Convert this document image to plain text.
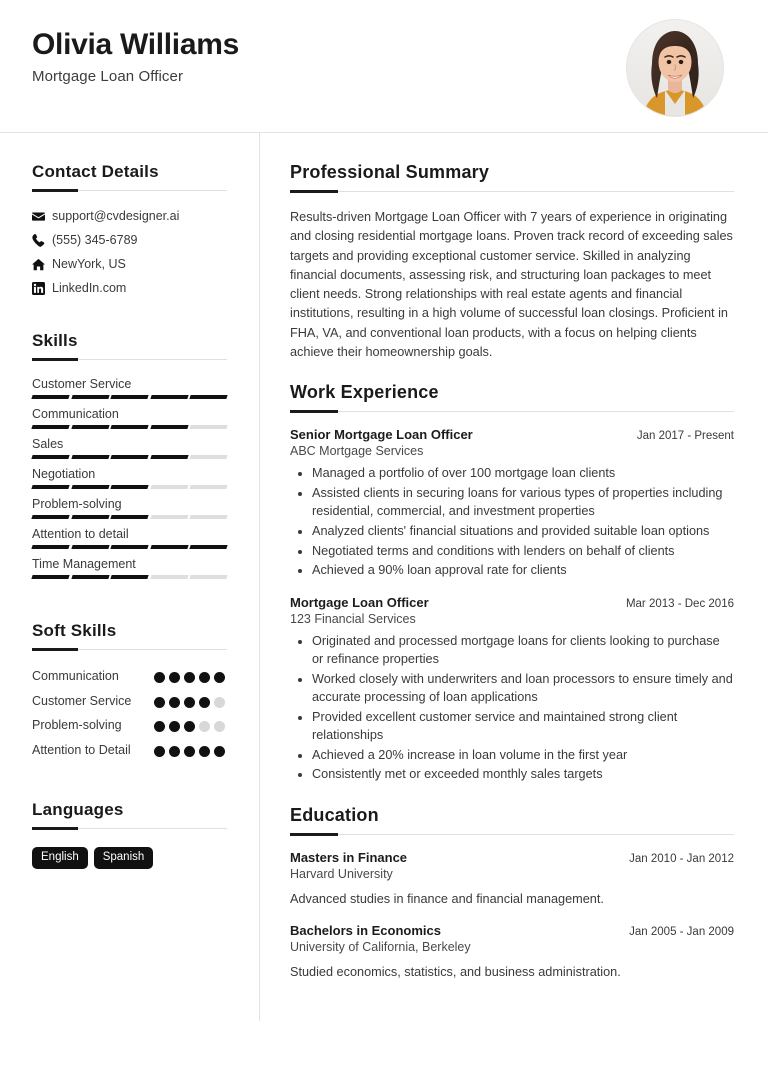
Olivia Williams
Mortgage Loan Officer
Contact Details
support@cvdesigner.ai
(555) 345-6789
NewYork, US
LinkedIn.com
Skills
Customer Service
Communication
Sales
Negotiation
Problem-solving
Attention to detail
Time Management
Soft Skills
Communication
Customer Service
Problem-solving
Attention to Detail
Languages
English	Spanish
Professional Summary

Results-driven Mortgage Loan Officer with 7 years of experience in originating and closing residential mortgage loans. Proven track record of exceeding sales targets and providing exceptional customer service. Skilled in analyzing financial documents, assessing risk, and structuring loan packages to meet client needs. Strong relationships with real estate agents and financial institutions, resulting in a high volume of successful loan closings. Proficient in FHA, VA, and conventional loan products, with a focus on helping clients achieve their homeownership goals.

Work Experience
Senior Mortgage Loan Officer	Jan 2017 - Present
ABC Mortgage Services
• Managed a portfolio of over 100 mortgage loan clients
• Assisted clients in securing loans for various types of properties including residential, commercial, and investment properties
• Analyzed clients' financial situations and provided suitable loan options
• Negotiated terms and conditions with lenders on behalf of clients
• Achieved a 90% loan approval rate for clients
Mortgage Loan Officer	Mar 2013 - Dec 2016
123 Financial Services
• Originated and processed mortgage loans for clients looking to purchase or refinance properties
• Worked closely with underwriters and loan processors to ensure timely and accurate processing of loan applications
• Provided excellent customer service and maintained strong client relationships
• Achieved a 20% increase in loan volume in the first year
• Consistently met or exceeded monthly sales targets
Education
Masters in Finance	Jan 2010 - Jan 2012
Harvard University
Advanced studies in finance and financial management.
Bachelors in Economics	Jan 2005 - Jan 2009
University of California, Berkeley
Studied economics, statistics, and business administration.
